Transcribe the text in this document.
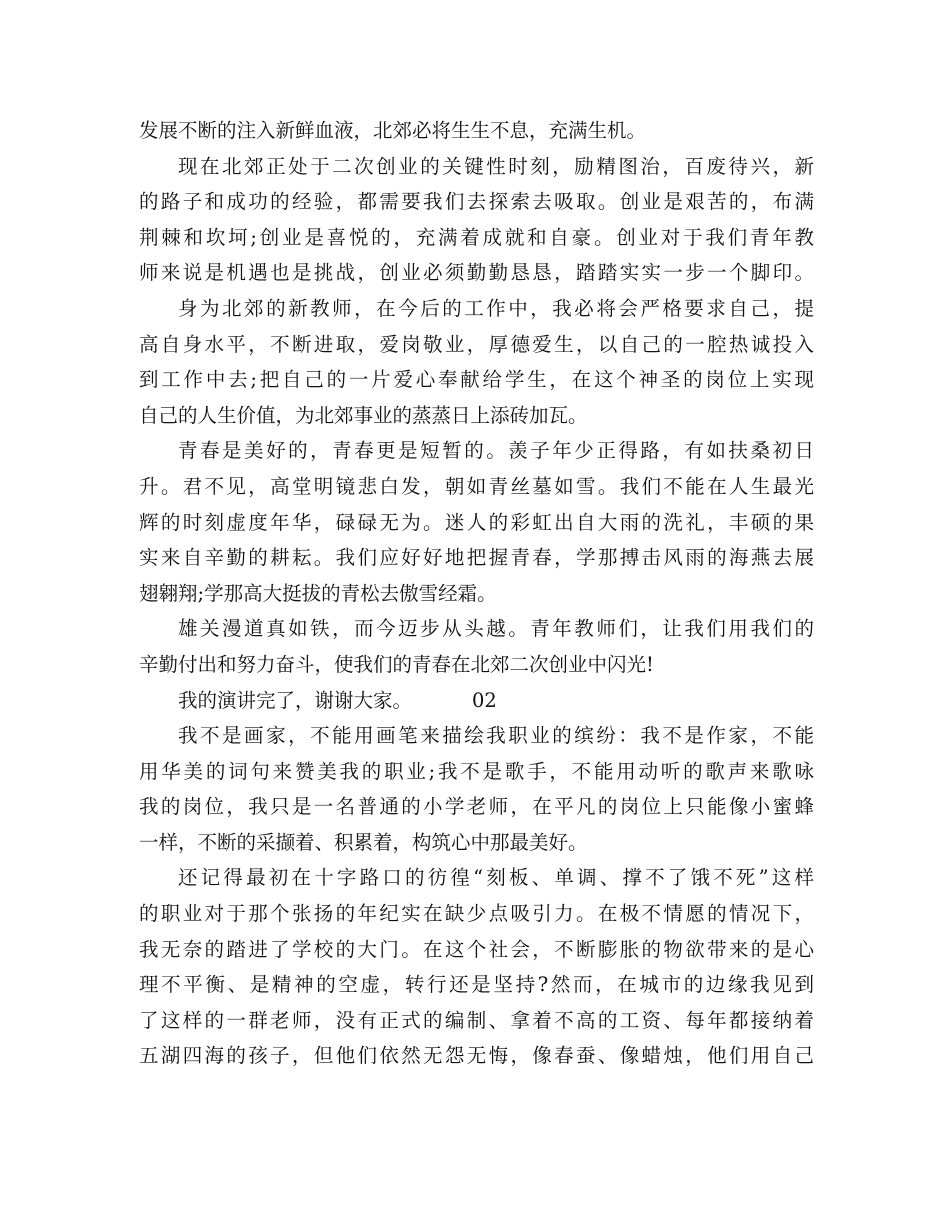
发展不断的注入新鲜血液，北郊必将生生不息，充满生机。
现在北郊正处于二次创业的关键性时刻，励精图治，百废待兴，新
的路子和成功的经验，都需要我们去探索去吸取。创业是艰苦的，布满
荆棘和坎坷;创业是喜悦的，充满着成就和自豪。创业对于我们青年教
师来说是机遇也是挑战，创业必须勤勤恳恳，踏踏实实一步一个脚印。
身为北郊的新教师，在今后的工作中，我必将会严格要求自己，提
高自身水平，不断进取，爱岗敬业，厚德爱生，以自己的一腔热诚投入
到工作中去;把自己的一片爱心奉献给学生，在这个神圣的岗位上实现
自己的人生价值，为北郊事业的蒸蒸日上添砖加瓦。
青春是美好的，青春更是短暂的。羡子年少正得路，有如扶桑初日
升。君不见，高堂明镜悲白发，朝如青丝墓如雪。我们不能在人生最光
辉的时刻虚度年华，碌碌无为。迷人的彩虹出自大雨的洗礼，丰硕的果
实来自辛勤的耕耘。我们应好好地把握青春，学那搏击风雨的海燕去展
翅翱翔;学那高大挺拔的青松去傲雪经霜。
雄关漫道真如铁，而今迈步从头越。青年教师们，让我们用我们的
辛勤付出和努力奋斗，使我们的青春在北郊二次创业中闪光!
我的演讲完了，谢谢大家。	02
我不是画家，不能用画笔来描绘我职业的缤纷：我不是作家，不能
用华美的词句来赞美我的职业;我不是歌手，不能用动听的歌声来歌咏
我的岗位，我只是一名普通的小学老师，在平凡的岗位上只能像小蜜蜂
一样，不断的采撷着、积累着，构筑心中那最美好。
还记得最初在十字路口的彷徨“刻板、单调、撑不了饿不死”这样
的职业对于那个张扬的年纪实在缺少点吸引力。在极不情愿的情况下，
我无奈的踏进了学校的大门。在这个社会，不断膨胀的物欲带来的是心
理不平衡、是精神的空虚，转行还是坚持?然而，在城市的边缘我见到
了这样的一群老师，没有正式的编制、拿着不高的工资、每年都接纳着
五湖四海的孩子，但他们依然无怨无悔，像春蚕、像蜡烛，他们用自己
